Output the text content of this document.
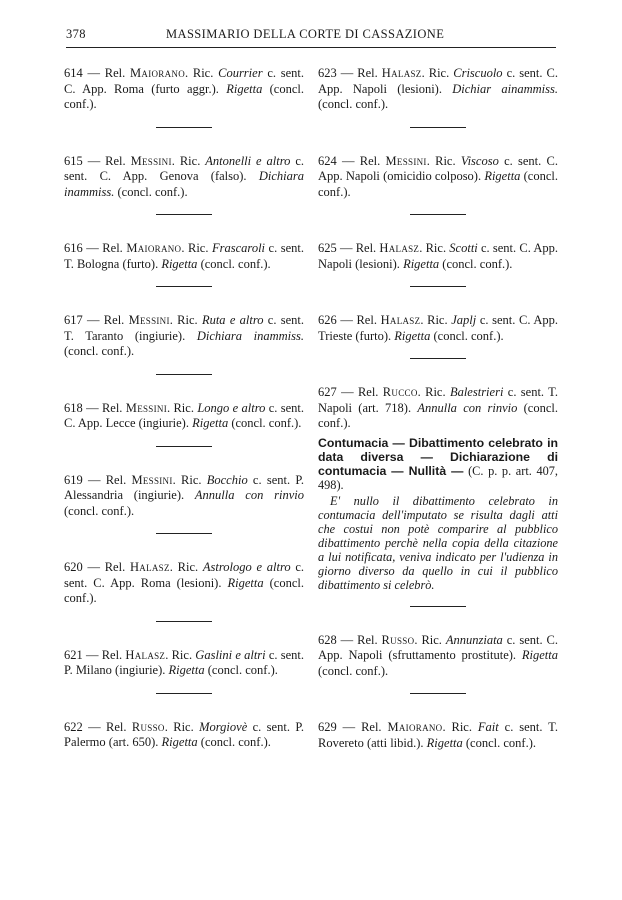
378	MASSIMARIO DELLA CORTE DI CASSAZIONE
614 — Rel. Maiorano. Ric. Courrier c. sent. C. App. Roma (furto aggr.). Rigetta (concl. conf.).
615 — Rel. Messini. Ric. Antonelli e altro c. sent. C. App. Genova (falso). Dichiara inammiss. (concl. conf.).
616 — Rel. Maiorano. Ric. Frascaroli c. sent. T. Bologna (furto). Rigetta (concl. conf.).
617 — Rel. Messini. Ric. Ruta e altro c. sent. T. Taranto (ingiurie). Dichiara inammiss. (concl. conf.).
618 — Rel. Messini. Ric. Longo e altro c. sent. C. App. Lecce (ingiurie). Rigetta (concl. conf.).
619 — Rel. Messini. Ric. Bocchio c. sent. P. Alessandria (ingiurie). Annulla con rinvio (concl. conf.).
620 — Rel. Halasz. Ric. Astrologo e altro c. sent. C. App. Roma (lesioni). Rigetta (concl. conf.).
621 — Rel. Halasz. Ric. Gaslini e altri c. sent. P. Milano (ingiurie). Rigetta (concl. conf.).
622 — Rel. Russo. Ric. Morgiovè c. sent. P. Palermo (art. 650). Rigetta (concl. conf.).
623 — Rel. Halasz. Ric. Criscuolo c. sent. C. App. Napoli (lesioni). Dichiar ainammiss. (concl. conf.).
624 — Rel. Messini. Ric. Viscoso c. sent. C. App. Napoli (omicidio colposo). Rigetta (concl. conf.).
625 — Rel. Halasz. Ric. Scotti c. sent. C. App. Napoli (lesioni). Rigetta (concl. conf.).
626 — Rel. Halasz. Ric. Japlj c. sent. C. App. Trieste (furto). Rigetta (concl. conf.).
627 — Rel. Rucco. Ric. Balestrieri c. sent. T. Napoli (art. 718). Annulla con rinvio (concl. conf.).
Contumacia — Dibattimento celebrato in data diversa — Dichiarazione di contumacia — Nullità — (C. p. p. art. 407, 498).
E' nullo il dibattimento celebrato in contumacia dell'imputato se risulta dagli atti che costui non potè comparire al pubblico dibattimento perchè nella copia della citazione a lui notificata, veniva indicato per l'udienza in giorno diverso da quello in cui il pubblico dibattimento si celebrò.
628 — Rel. Russo. Ric. Annunziata c. sent. C. App. Napoli (sfruttamento prostitute). Rigetta (concl. conf.).
629 — Rel. Maiorano. Ric. Fait c. sent. T. Rovereto (atti libid.). Rigetta (concl. conf.).
